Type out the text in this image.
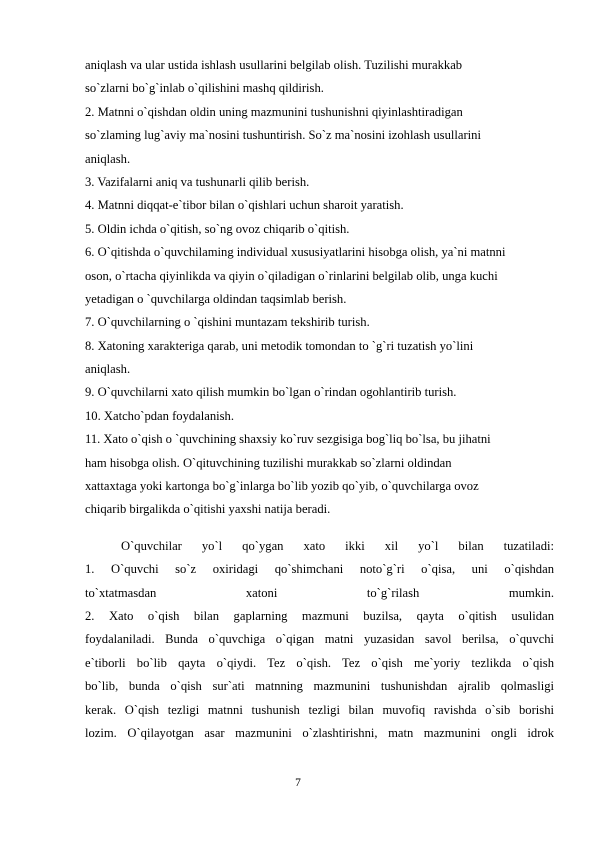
aniqlash va ular ustida ishlash usullarini belgilab olish. Tuzilishi murakkab
so`zlarni bo`g`inlab o`qilishini mashq qildirish.
2. Matnni o`qishdan oldin uning mazmunini tushunishni qiyinlashtiradigan
so`zlaming lug`aviy ma`nosini tushuntirish. So`z ma`nosini izohlash usullarini
aniqlash.
3. Vazifalarni aniq va tushunarli qilib berish.
4. Matnni diqqat-e`tibor bilan o`qishlari uchun sharoit yaratish.
5. Oldin ichda o`qitish, so`ng ovoz chiqarib o`qitish.
6. O`qitishda o`quvchilaming individual xususiyatlarini hisobga olish, ya`ni matnni
oson, o`rtacha qiyinlikda va qiyin o`qiladigan o`rinlarini belgilab olib, unga kuchi
yetadigan o `quvchilarga oldindan taqsimlab berish.
7. O`quvchilarning o `qishini muntazam tekshirib turish.
8. Xatoning xarakteriga qarab, uni metodik tomondan to `g`ri tuzatish yo`lini
aniqlash.
9. O`quvchilarni xato qilish mumkin bo`lgan o`rindan ogohlantirib turish.
10. Xatcho`pdan foydalanish.
11. Xato o`qish o `quvchining shaxsiy ko`ruv sezgisiga bog`liq bo`lsa, bu jihatni
ham hisobga olish. O`qituvchining tuzilishi murakkab so`zlarni oldindan
xattaxtaga yoki kartonga bo`g`inlarga bo`lib yozib qo`yib, o`quvchilarga ovoz
chiqarib birgalikda o`qitishi yaxshi natija beradi.
O`quvchilar yo`l qo`ygan xato ikki xil yo`l bilan tuzatiladi:
1. O`quvchi so`z oxiridagi qo`shimchani noto`g`ri o`qisa, uni o`qishdan
to`xtatmasdan xatoni to`g`rilash mumkin.
2. Xato o`qish bilan gaplarning mazmuni buzilsa, qayta o`qitish usulidan
foydalaniladi. Bunda o`quvchiga o`qigan matni yuzasidan savol berilsa, o`quvchi
e`tiborli bo`lib qayta o`qiydi. Tez o`qish. Tez o`qish me`yoriy tezlikda o`qish
bo`lib, bunda o`qish sur`ati matnning mazmunini tushunishdan ajralib qolmasligi
kerak. O`qish tezligi matnni tushunish tezligi bilan muvofiq ravishda o`sib borishi
lozim. O`qilayotgan asar mazmunini o`zlashtirishni, matn mazmunini ongli idrok
7
